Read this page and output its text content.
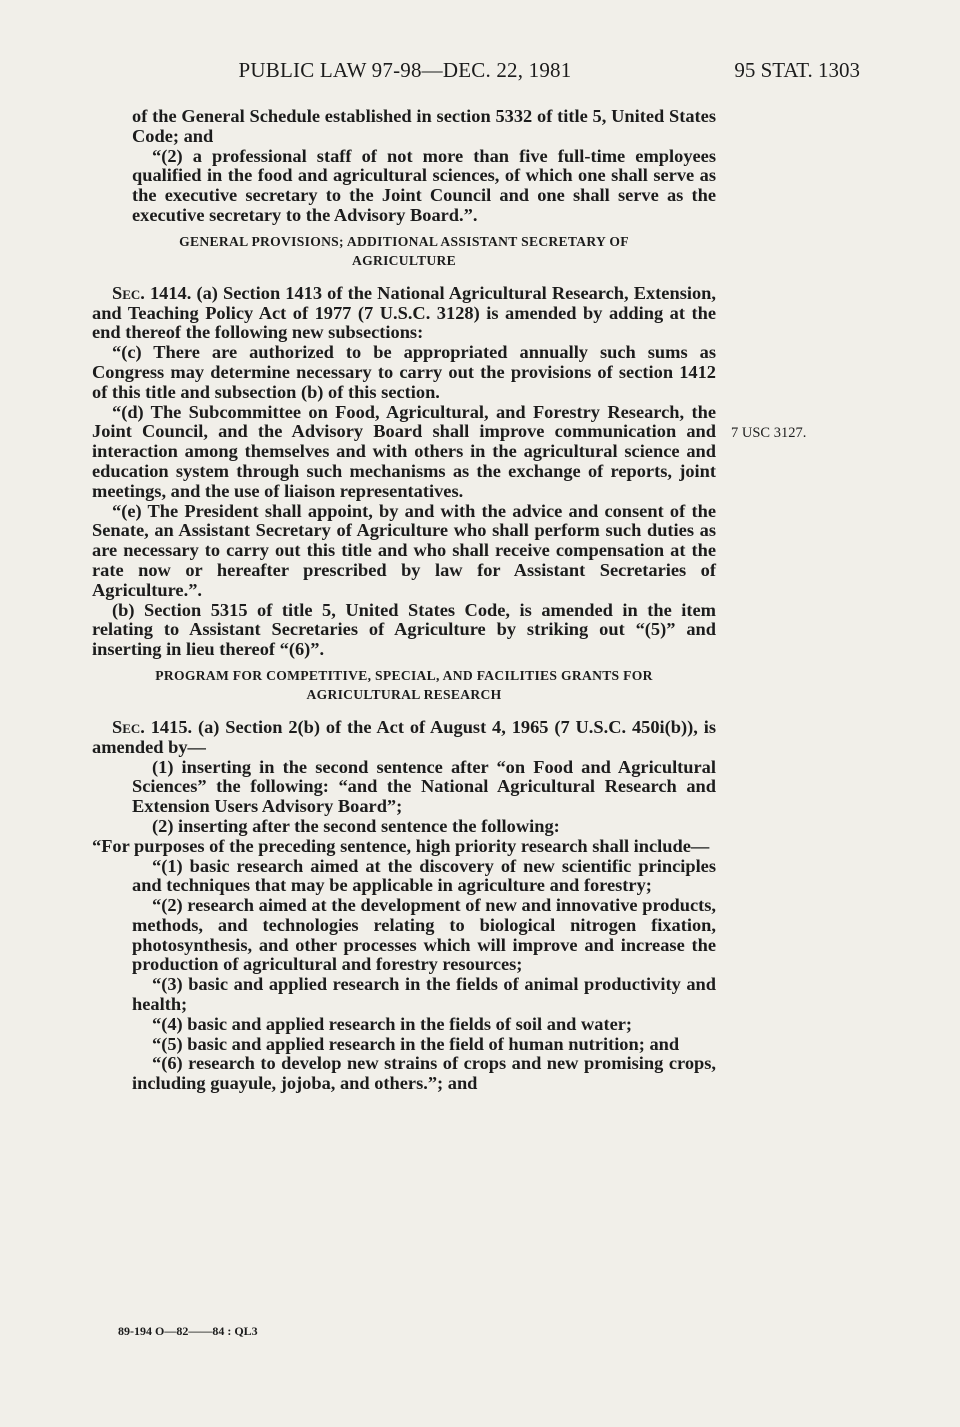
PUBLIC LAW 97-98—DEC. 22, 1981	95 STAT. 1303

of the General Schedule established in section 5332 of title 5, United States Code; and

“(2) a professional staff of not more than five full-time employees qualified in the food and agricultural sciences, of which one shall serve as the executive secretary to the Joint Council and one shall serve as the executive secretary to the Advisory Board.”.

GENERAL PROVISIONS; ADDITIONAL ASSISTANT SECRETARY OF
AGRICULTURE

Sec. 1414. (a) Section 1413 of the National Agricultural Research, Extension, and Teaching Policy Act of 1977 (7 U.S.C. 3128) is amended by adding at the end thereof the following new subsections:

“(c) There are authorized to be appropriated annually such sums as Congress may determine necessary to carry out the provisions of section 1412 of this title and subsection (b) of this section.

“(d) The Subcommittee on Food, Agricultural, and Forestry Research, the Joint Council, and the Advisory Board shall improve communication and interaction among themselves and with others in the agricultural science and education system through such mechanisms as the exchange of reports, joint meetings, and the use of liaison representatives.

“(e) The President shall appoint, by and with the advice and consent of the Senate, an Assistant Secretary of Agriculture who shall perform such duties as are necessary to carry out this title and who shall receive compensation at the rate now or hereafter prescribed by law for Assistant Secretaries of Agriculture.”.

(b) Section 5315 of title 5, United States Code, is amended in the item relating to Assistant Secretaries of Agriculture by striking out “(5)” and inserting in lieu thereof “(6)”.

PROGRAM FOR COMPETITIVE, SPECIAL, AND FACILITIES GRANTS FOR
AGRICULTURAL RESEARCH

Sec. 1415. (a) Section 2(b) of the Act of August 4, 1965 (7 U.S.C. 450i(b)), is amended by—

(1) inserting in the second sentence after “on Food and Agricultural Sciences” the following: “and the National Agricultural Research and Extension Users Advisory Board”;

(2) inserting after the second sentence the following:

“For purposes of the preceding sentence, high priority research shall include—

“(1) basic research aimed at the discovery of new scientific principles and techniques that may be applicable in agriculture and forestry;

“(2) research aimed at the development of new and innovative products, methods, and technologies relating to biological nitrogen fixation, photosynthesis, and other processes which will improve and increase the production of agricultural and forestry resources;

“(3) basic and applied research in the fields of animal productivity and health;

“(4) basic and applied research in the fields of soil and water;

“(5) basic and applied research in the field of human nutrition; and

“(6) research to develop new strains of crops and new promising crops, including guayule, jojoba, and others.”; and

7 USC 3127.
89-194 O—82——84 : QL3
